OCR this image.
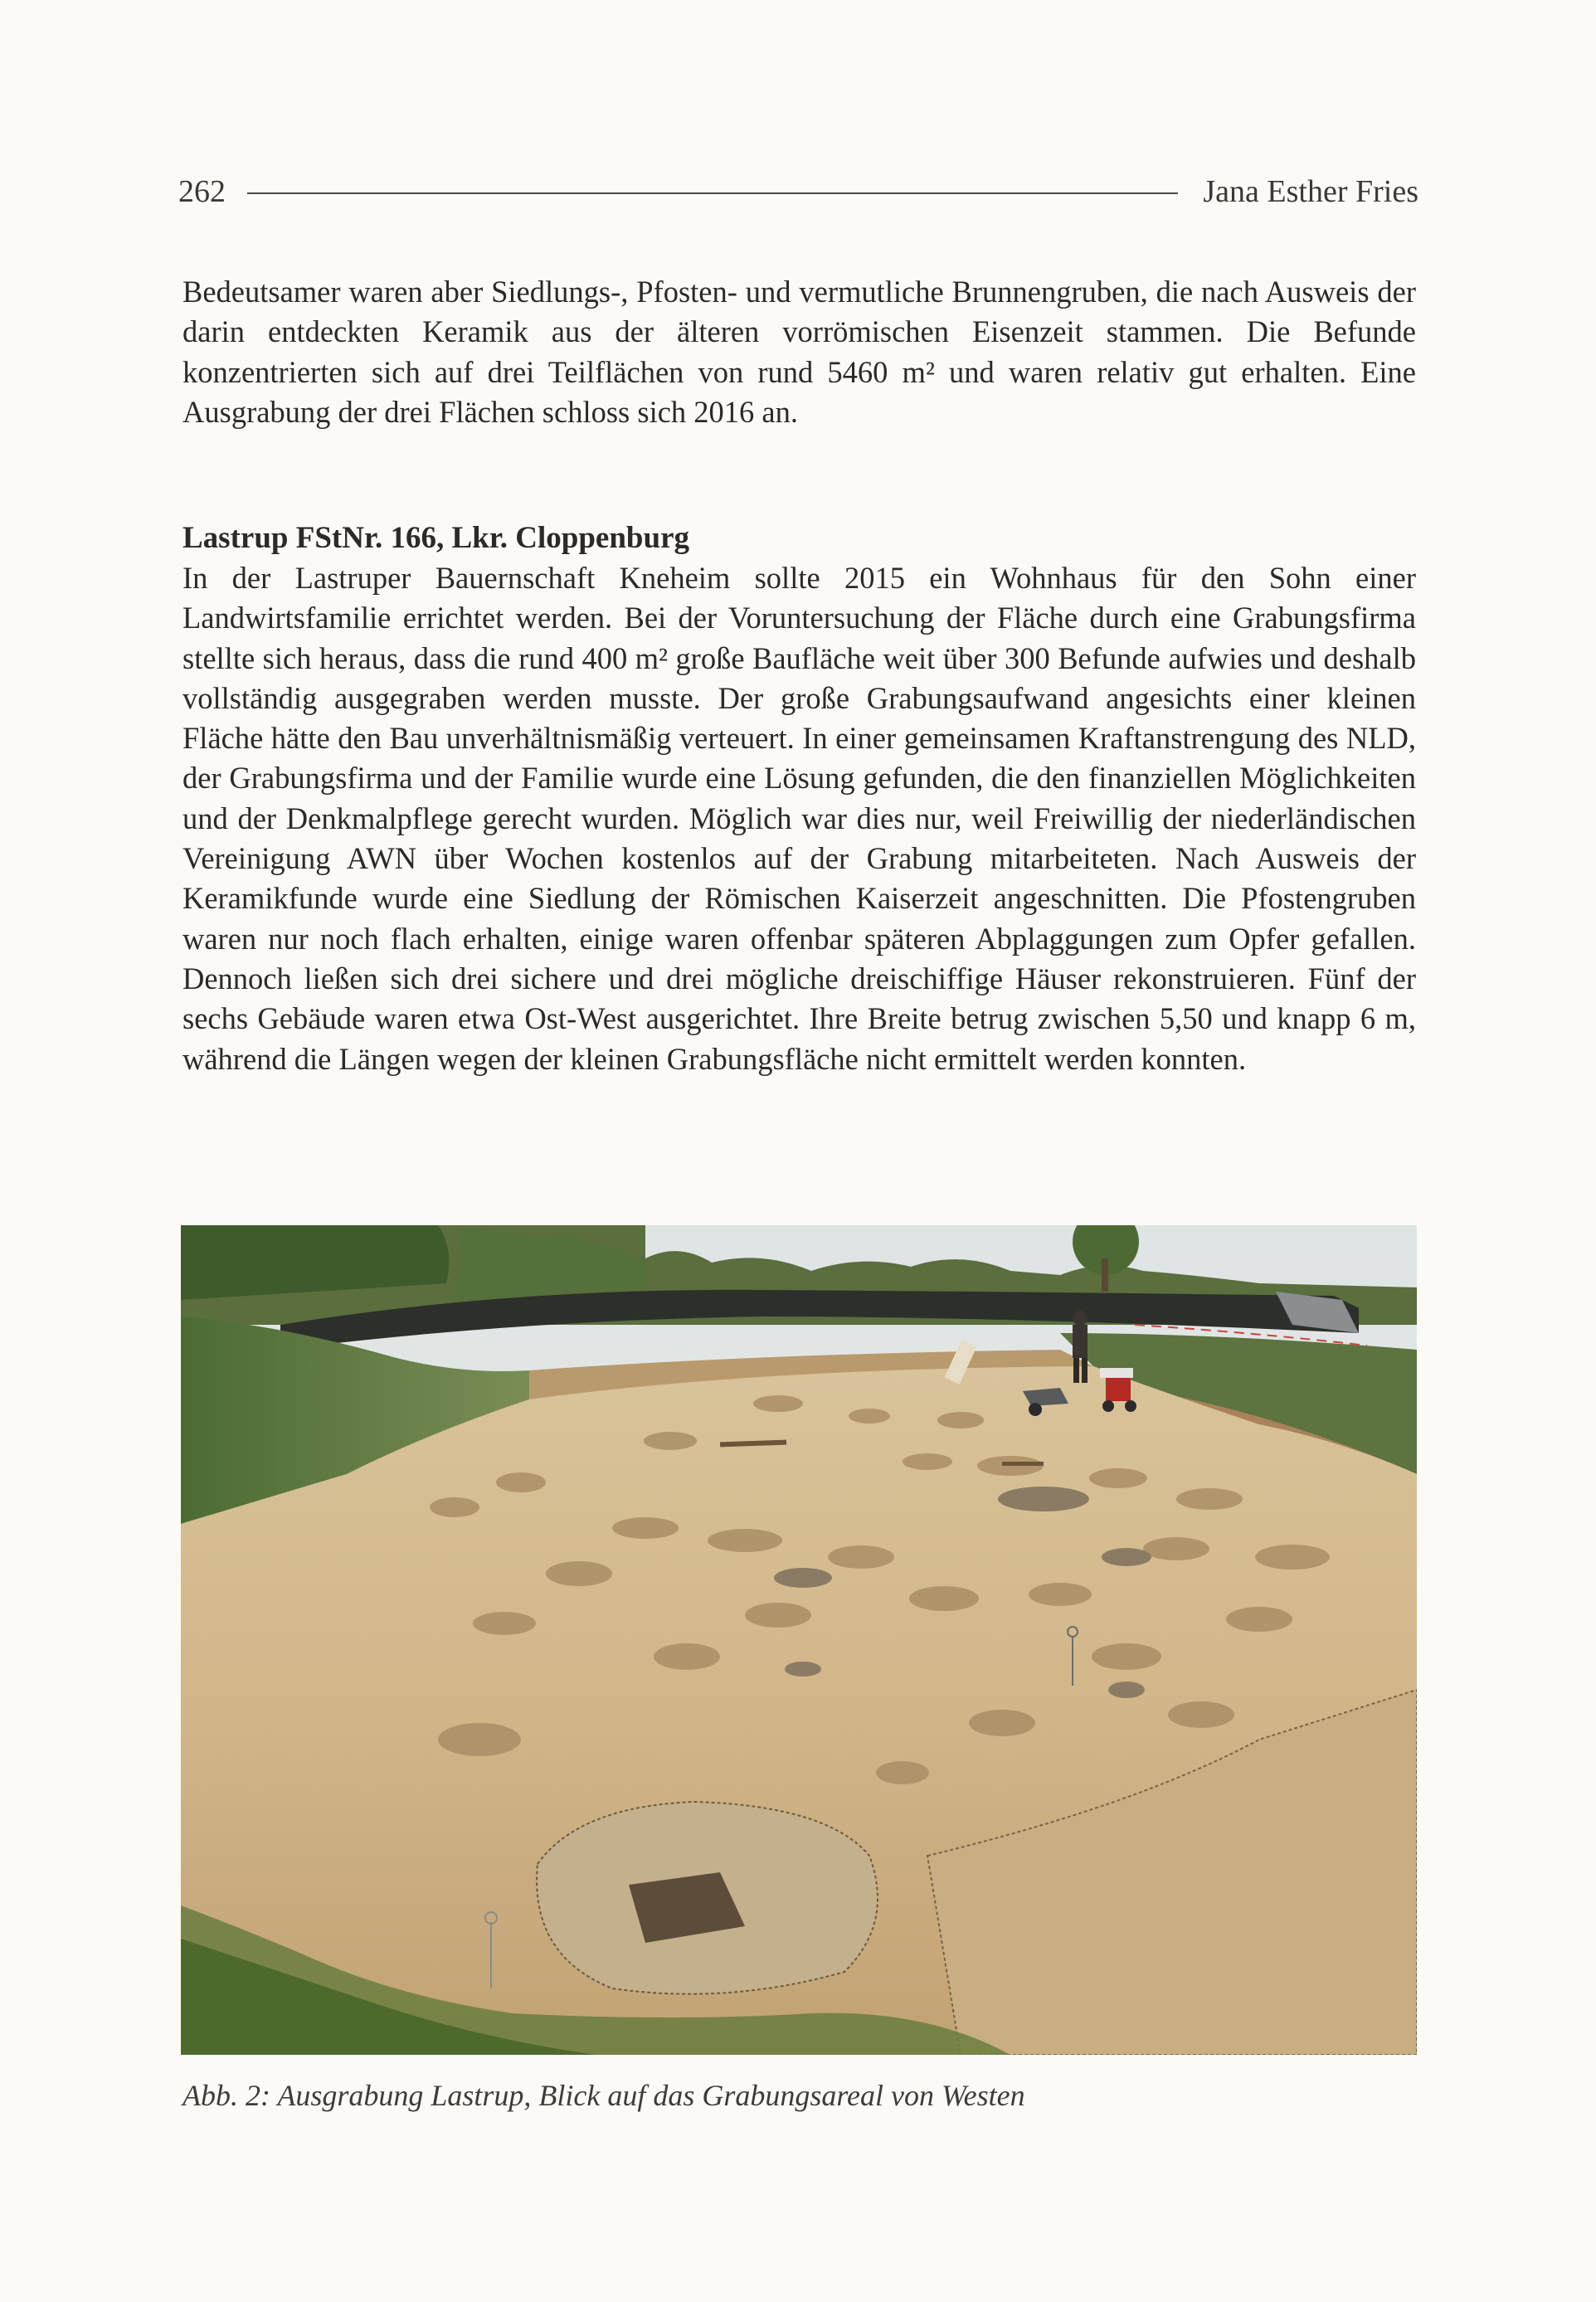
262	Jana Esther Fries

Bedeutsamer waren aber Siedlungs-, Pfosten- und vermutliche Brunnengruben, die nach Ausweis der darin entdeckten Keramik aus der älteren vorrömischen Eisenzeit stammen. Die Befunde konzentrierten sich auf drei Teilflächen von rund 5460 m² und waren relativ gut erhalten. Eine Ausgrabung der drei Flächen schloss sich 2016 an.

Lastrup FStNr. 166, Lkr. Cloppenburg

In der Lastruper Bauernschaft Kneheim sollte 2015 ein Wohnhaus für den Sohn einer Landwirtsfamilie errichtet werden. Bei der Voruntersuchung der Fläche durch eine Grabungsfirma stellte sich heraus, dass die rund 400 m² große Baufläche weit über 300 Befunde aufwies und deshalb vollständig ausgegraben werden musste. Der große Grabungsaufwand angesichts einer kleinen Fläche hätte den Bau unverhältnismäßig verteuert. In einer gemeinsamen Kraftanstrengung des NLD, der Grabungsfirma und der Familie wurde eine Lösung gefunden, die den finanziellen Möglichkeiten und der Denkmalpflege gerecht wurden. Möglich war dies nur, weil Freiwillig der niederländischen Vereinigung AWN über Wochen kostenlos auf der Grabung mitarbeiteten. Nach Ausweis der Keramikfunde wurde eine Siedlung der Römischen Kaiserzeit angeschnitten. Die Pfostengruben waren nur noch flach erhalten, einige waren offenbar späteren Abplaggungen zum Opfer gefallen. Dennoch ließen sich drei sichere und drei mögliche dreischiffige Häuser rekonstruieren. Fünf der sechs Gebäude waren etwa Ost-West ausgerichtet. Ihre Breite betrug zwischen 5,50 und knapp 6 m, während die Längen wegen der kleinen Grabungsfläche nicht ermittelt werden konnten.

Abb. 2: Ausgrabung Lastrup, Blick auf das Grabungsareal von Westen
